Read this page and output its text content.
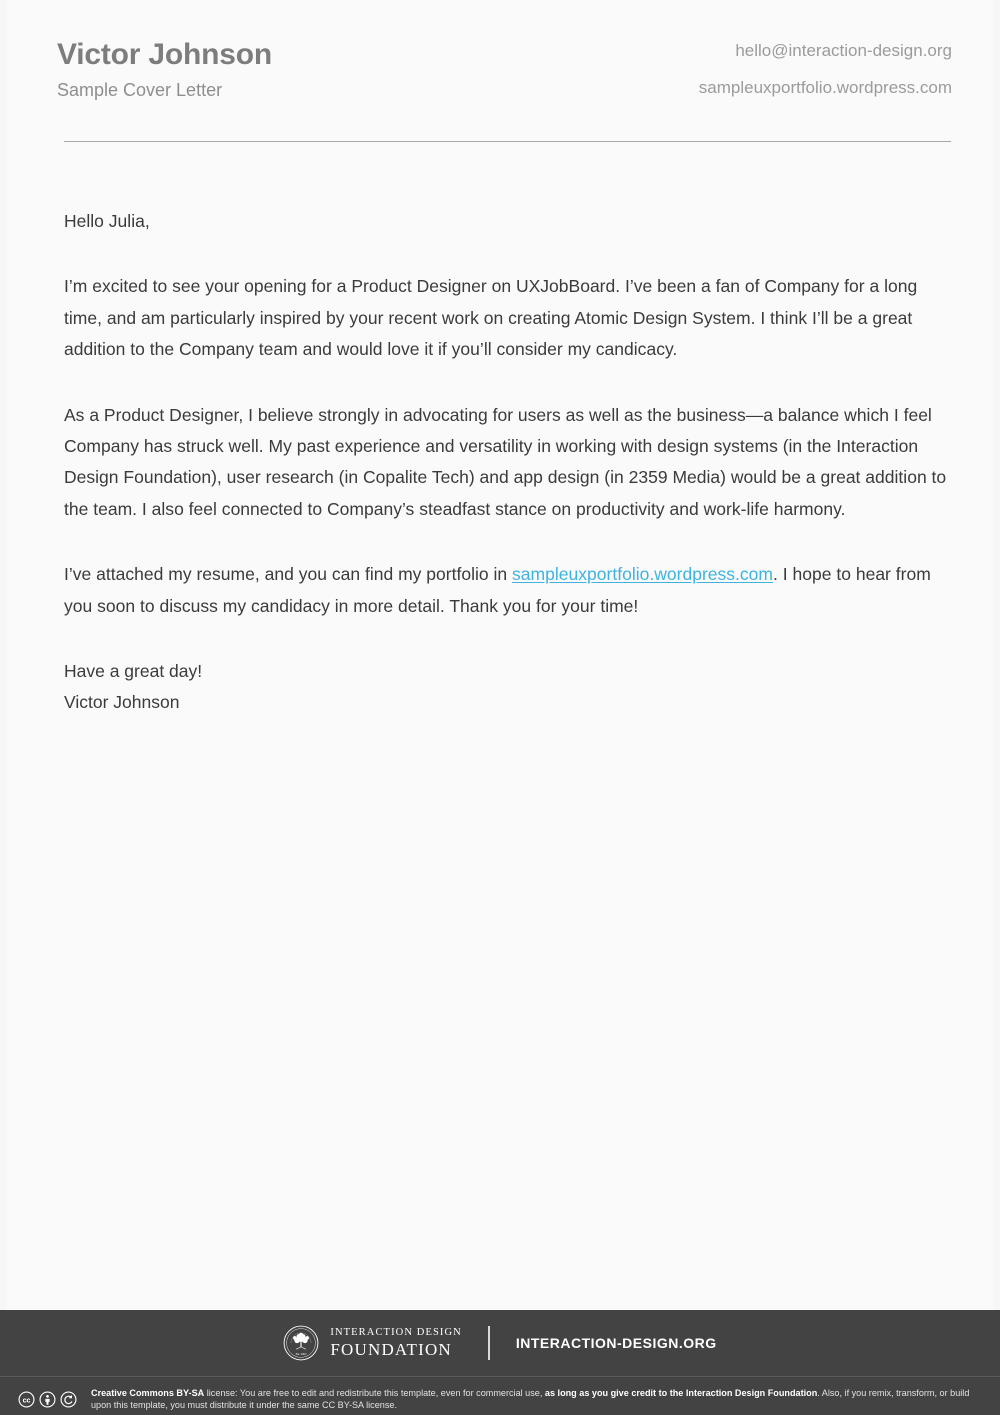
Victor Johnson
Sample Cover Letter
hello@interaction-design.org
sampleuxportfolio.wordpress.com

Hello Julia,

I’m excited to see your opening for a Product Designer on UXJobBoard. I’ve been a fan of Company for a long time, and am particularly inspired by your recent work on creating Atomic Design System. I think I’ll be a great addition to the Company team and would love it if you’ll consider my candicacy.

As a Product Designer, I believe strongly in advocating for users as well as the business—a balance which I feel Company has struck well. My past experience and versatility in working with design systems (in the Interaction Design Foundation), user research (in Copalite Tech) and app design (in 2359 Media) would be a great addition to the team. I also feel connected to Company’s steadfast stance on productivity and work-life harmony.

I’ve attached my resume, and you can find my portfolio in sampleuxportfolio.wordpress.com. I hope to hear from you soon to discuss my candidacy in more detail. Thank you for your time!

Have a great day!
Victor Johnson
Est. 2002
INTERACTION DESIGN
FOUNDATION	INTERACTION-DESIGN.ORG
cc
Creative Commons BY-SA license: You are free to edit and redistribute this template, even for commercial use, as long as you give credit to the Interaction Design Foundation. Also, if you remix, transform, or build upon this template, you must distribute it under the same CC BY-SA license.
